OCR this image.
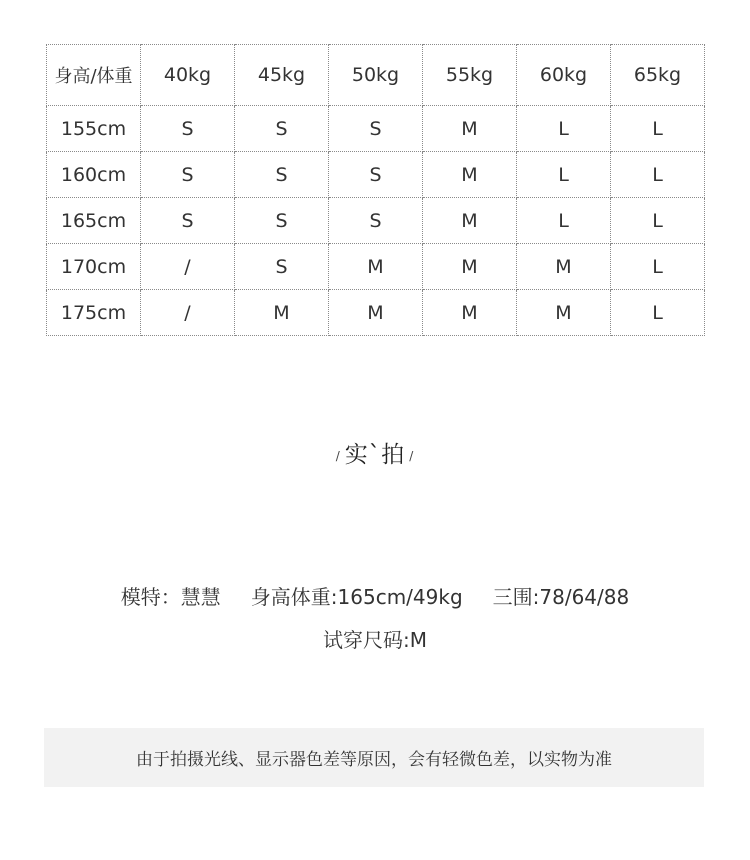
身高/体重	40kg	45kg	50kg	55kg	60kg	65kg
155cm	S	S	S	M	L	L
160cm	S	S	S	M	L	L
165cm	S	S	S	M	L	L
170cm	/	S	M	M	M	L
175cm	/	M	M	M	M	L
/ 实`拍 /
模特：慧慧 身高体重:165cm/49kg 三围:78/64/88
试穿尺码:M
由于拍摄光线、显示器色差等原因，会有轻微色差，以实物为准
